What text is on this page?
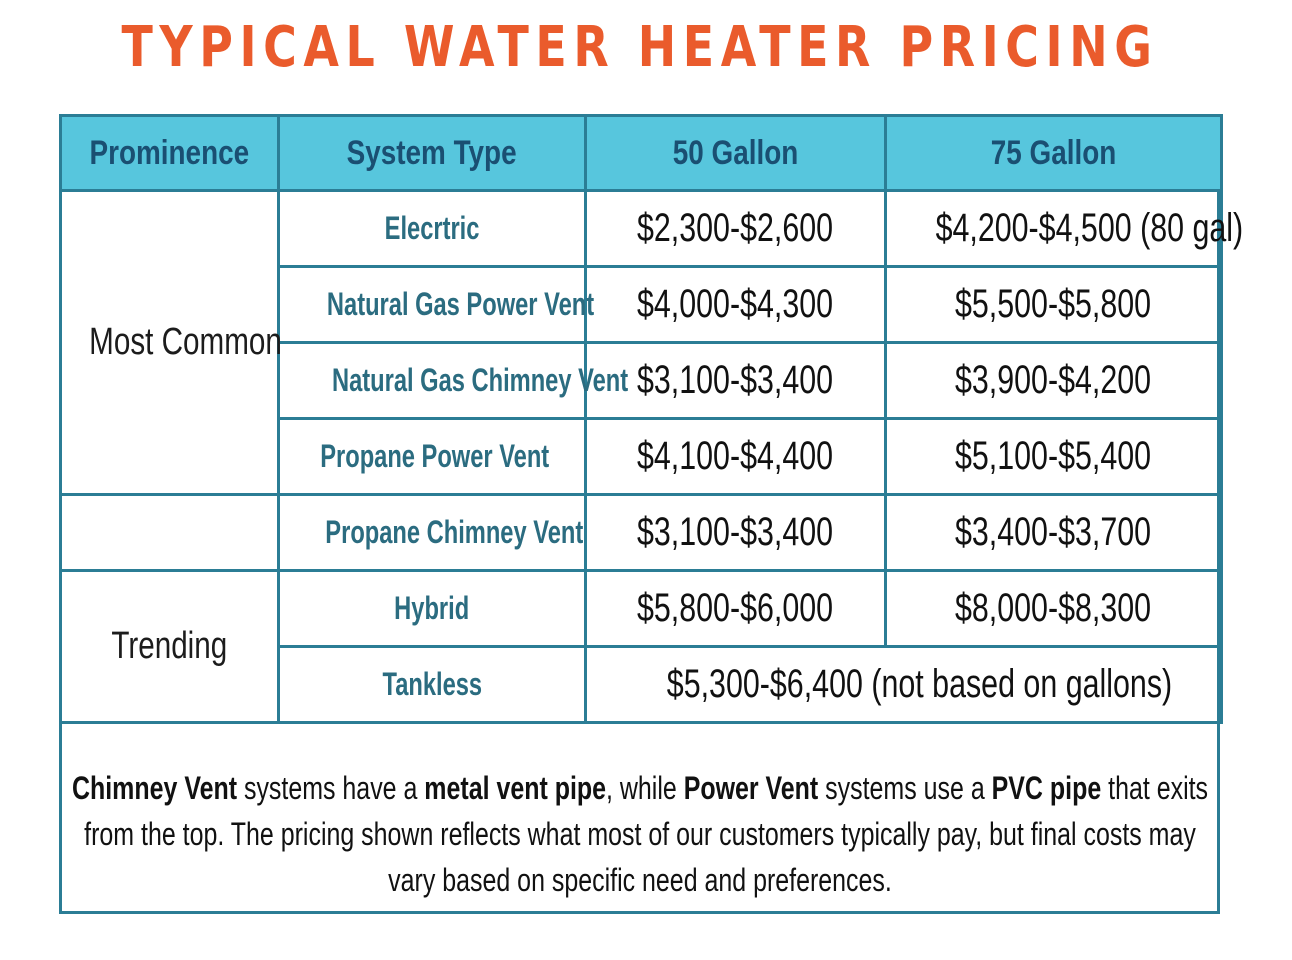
TYPICAL WATER HEATER PRICING
Prominence	System Type	50 Gallon	75 Gallon
Most Common	Elecrtric	$2,300-$2,600	$4,200-$4,500 (80 gal)
	Natural Gas Power Vent	$4,000-$4,300	$5,500-$5,800
	Natural Gas Chimney Vent	$3,100-$3,400	$3,900-$4,200
	Propane Power Vent	$4,100-$4,400	$5,100-$5,400
	Propane Chimney Vent	$3,100-$3,400	$3,400-$3,700
Trending	Hybrid	$5,800-$6,000	$8,000-$8,300
	Tankless	$5,300-$6,400 (not based on gallons)	

Chimney Vent systems have a metal vent pipe, while Power Vent systems use a PVC pipe that exits from the top. The pricing shown reflects what most of our customers typically pay, but final costs may vary based on specific need and preferences.
